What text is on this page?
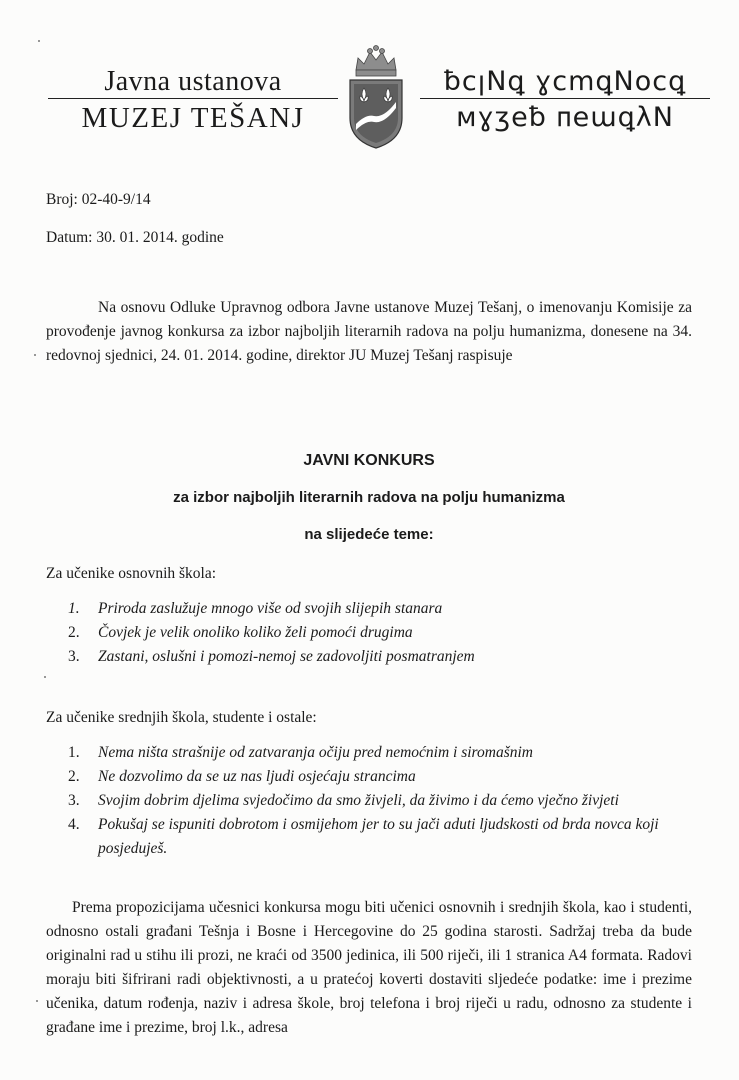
Javna ustanova
MUZEJ TEŠANJ
ƀcꞁNꝗ ɣcmꝗNocꝗ
ᴍɣʒeƀ ᴨeɯꝗλN
Broj: 02-40-9/14
Datum: 30. 01. 2014. godine
Na osnovu Odluke Upravnog odbora Javne ustanove Muzej Tešanj, o imenovanju Komisije za provođenje javnog konkursa za izbor najboljih literarnih radova na polju humanizma, donesene na 34. redovnoj sjednici, 24. 01. 2014. godine, direktor JU Muzej Tešanj raspisuje
JAVNI KONKURS
za izbor najboljih literarnih radova na polju humanizma
na slijedeće teme:
Za učenike osnovnih škola:
1. Priroda zaslužuje mnogo više od svojih slijepih stanara
2. Čovjek je velik onoliko koliko želi pomoći drugima
3. Zastani, oslušni i pomozi-nemoj se zadovoljiti posmatranjem
Za učenike srednjih škola, studente i ostale:
1. Nema ništa strašnije od zatvaranja očiju pred nemoćnim i siromašnim
2. Ne dozvolimo da se uz nas ljudi osjećaju strancima
3. Svojim dobrim djelima svjedočimo da smo živjeli, da živimo i da ćemo vječno živjeti
4. Pokušaj se ispuniti dobrotom i osmijehom jer to su jači aduti ljudskosti od brda novca koji posjeduješ.
Prema propozicijama učesnici konkursa mogu biti učenici osnovnih i srednjih škola, kao i studenti, odnosno ostali građani Tešnja i Bosne i Hercegovine do 25 godina starosti. Sadržaj treba da bude originalni rad u stihu ili prozi, ne kraći od 3500 jedinica, ili 500 riječi, ili 1 stranica A4 formata. Radovi moraju biti šifrirani radi objektivnosti, a u pratećoj koverti dostaviti sljedeće podatke: ime i prezime učenika, datum rođenja, naziv i adresa škole, broj telefona i broj riječi u radu, odnosno za studente i građane ime i prezime, broj l.k., adresa
